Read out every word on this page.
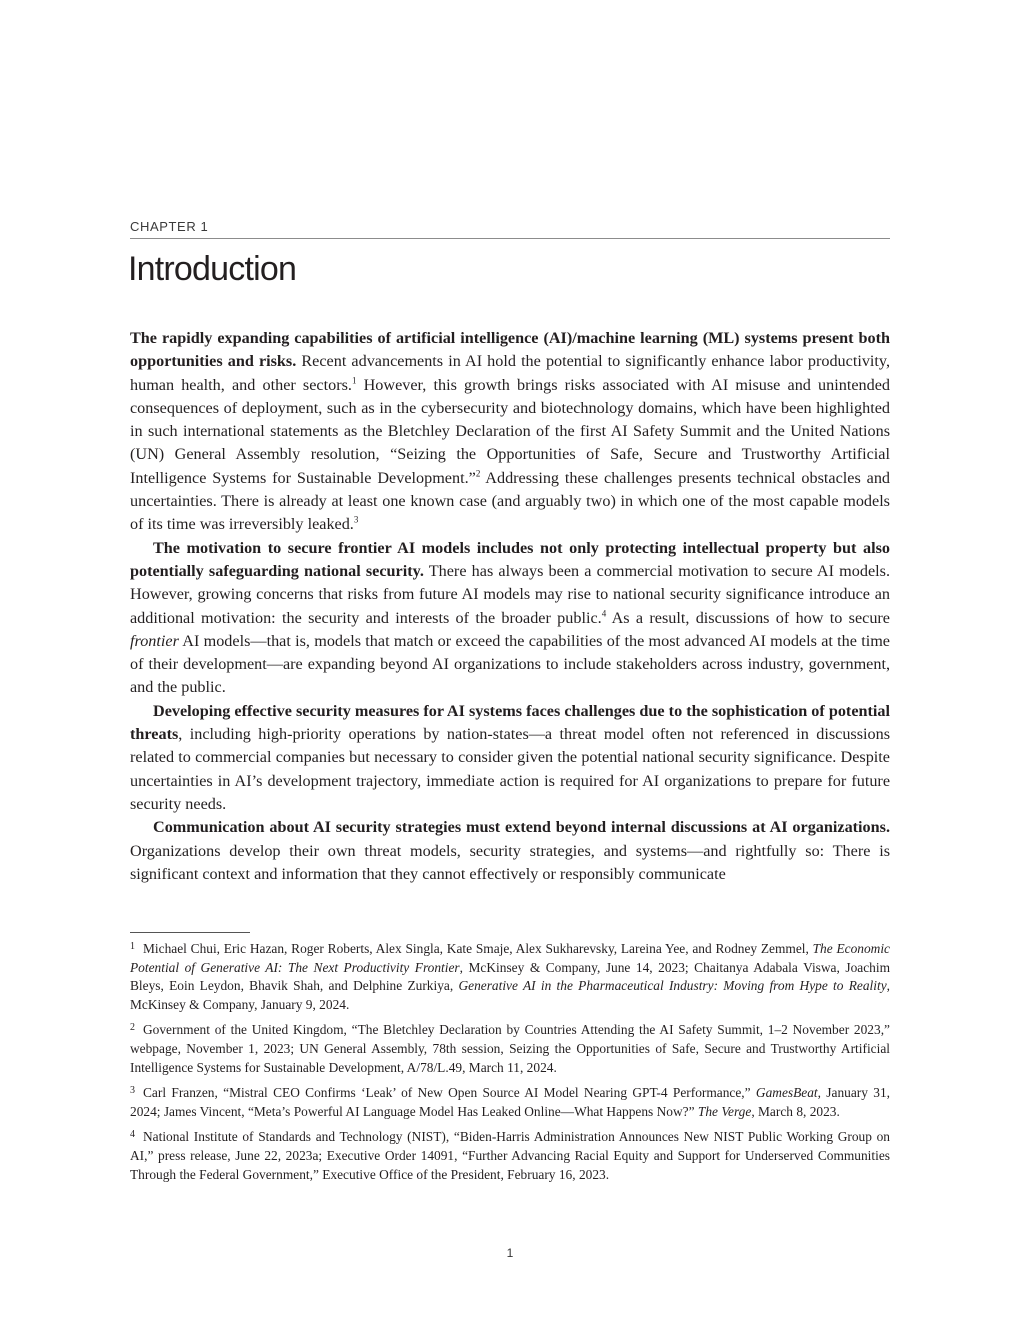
CHAPTER 1
Introduction

The rapidly expanding capabilities of artificial intelligence (AI)/machine learning (ML) systems present both opportunities and risks. Recent advancements in AI hold the potential to significantly enhance labor productivity, human health, and other sectors.$^1$ However, this growth brings risks associated with AI misuse and unintended consequences of deployment, such as in the cybersecurity and biotechnology domains, which have been highlighted in such international statements as the Bletchley Declaration of the first AI Safety Summit and the United Nations (UN) General Assembly resolution, “Seizing the Opportunities of Safe, Secure and Trustworthy Artificial Intelligence Systems for Sustainable Development.”$^2$ Addressing these challenges presents technical obstacles and uncertainties. There is already at least one known case (and arguably two) in which one of the most capable models of its time was irreversibly leaked.$^3$

The motivation to secure frontier AI models includes not only protecting intellectual property but also potentially safeguarding national security. There has always been a commercial motivation to secure AI models. However, growing concerns that risks from future AI models may rise to national security significance introduce an additional motivation: the security and interests of the broader public.$^4$ As a result, discussions of how to secure frontier AI models—that is, models that match or exceed the capabilities of the most advanced AI models at the time of their development—are expanding beyond AI organizations to include stakeholders across industry, government, and the public.

Developing effective security measures for AI systems faces challenges due to the sophistication of potential threats, including high-priority operations by nation-states—a threat model often not referenced in discussions related to commercial companies but necessary to consider given the potential national security significance. Despite uncertainties in AI’s development trajectory, immediate action is required for AI organizations to prepare for future security needs.

Communication about AI security strategies must extend beyond internal discussions at AI organizations. Organizations develop their own threat models, security strategies, and systems—and rightfully so: There is significant context and information that they cannot effectively or responsibly communicate

$^1$ Michael Chui, Eric Hazan, Roger Roberts, Alex Singla, Kate Smaje, Alex Sukharevsky, Lareina Yee, and Rodney Zemmel, The Economic Potential of Generative AI: The Next Productivity Frontier, McKinsey & Company, June 14, 2023; Chaitanya Adabala Viswa, Joachim Bleys, Eoin Leydon, Bhavik Shah, and Delphine Zurkiya, Generative AI in the Pharmaceutical Industry: Moving from Hype to Reality, McKinsey & Company, January 9, 2024.

$^2$ Government of the United Kingdom, “The Bletchley Declaration by Countries Attending the AI Safety Summit, 1–2 November 2023,” webpage, November 1, 2023; UN General Assembly, 78th session, Seizing the Opportunities of Safe, Secure and Trustworthy Artificial Intelligence Systems for Sustainable Development, A/78/L.49, March 11, 2024.

$^3$ Carl Franzen, “Mistral CEO Confirms ‘Leak’ of New Open Source AI Model Nearing GPT-4 Performance,” GamesBeat, January 31, 2024; James Vincent, “Meta’s Powerful AI Language Model Has Leaked Online—What Happens Now?” The Verge, March 8, 2023.

$^4$ National Institute of Standards and Technology (NIST), “Biden-Harris Administration Announces New NIST Public Working Group on AI,” press release, June 22, 2023a; Executive Order 14091, “Further Advancing Racial Equity and Support for Underserved Communities Through the Federal Government,” Executive Office of the President, February 16, 2023.

1
